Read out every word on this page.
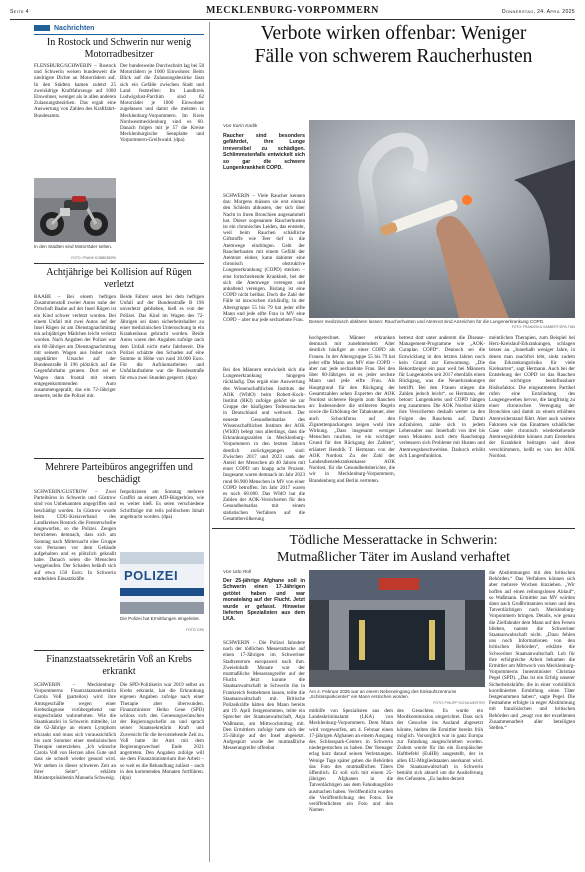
Seite 4	MECKLENBURG-VORPOMMERN	Donnerstag, 24. April 2025
Nachrichten
In Rostock und Schwerin nur wenig Motorradbesitzer
FLENSBURG/SCHWERIN – Rostock und Schwerin weisen bundesweit die niedrigste Dichte an Motorrädern auf. In den Städten kamen zuletzt 25 zweirädrige Kraftfahrzeuge auf 1000 Einwohner, weniger als in allen anderen Zulassungsbezirken. Das ergab eine Auswertung von Zahlen des Kraftfahrt-Bundesamts.
Der bundesweite Durchschnitt lag bei 58 Motorrädern je 1000 Einwohner. Beim Blick auf die Zulassungsbezirke lässt sich ein Gefälle zwischen Stadt und Land feststellen: Im Landkreis Ludwigslust-Parchim sind 62 Motorräder je 1000 Einwohner zugelassen und damit die meisten in Mecklenburg-Vorpommern. Im Kreis Nordwestmecklenburg sind es 60. Danach folgen mit je 57 die Kreise Mecklenburgische Seenplatte und Vorpommern-Greifswald. (dpa)
In den Städten sind Motorräder selten.
FOTO: FRANK KOBBEBERN
Achtjährige bei Kollision auf Rügen verletzt
BAABE – Bei einem heftigen Zusammenstoß zweier Autos nahe der Ortschaft Baabe auf der Insel Rügen ist ein Kind schwer verletzt worden. Bei einem Unfall mit zwei Autos auf der Insel Rügen ist am Dienstagnachmittag ein achtjähriges Mädchen leicht verletzt worden. Nach Angaben der Polizei war ein 80-Jähriger am Dienstagnachmittag mit seinem Wagen aus bisher noch ungeklärter Ursache auf der Bundesstraße B 196 plötzlich auf die Gegenfahrbahn geraten. Dort sei er Wagen dann frontal mit einem entgegenkommenden Auto zusammengeprallt, das ein 72-Jähriger steuerte, teilte die Polizei mit.
Beide Fahrer seien bei dem heftigen Unfall auf der Bundesstraße B 196 unverletzt geblieben, hieß es von der Polizei. Das Kind im Wagen des 72-Jährigen sei dann sicherheitshalber zu einer medizinischen Untersuchung in ein Krankenhaus gebracht worden. Beide Autos waren den Angaben zufolge nach dem Unfall nicht mehr fahrbereit. Die Polizei schätzte den Schaden auf eine Summe in Höhe von rund 30.000 Euro. Für die Aufräumarbeiten und Unfallaufnahme war die Bundesstraße für etwa zwei Stunden gesperrt. (dpa)
Mehrere Parteibüros angegriffen und beschädigt
SCHWERIN/GÜSTROW – Zwei Parteibüros in Schwerin und Güstrow sind von Unbekannten angegriffen und beschädigt worden. In Güstrow wurde beim CDU-Kreisverband des Landkreises Rostock die Fensterscheibe eingeworfen, so die Polizei. Zeugen berichteten demnach, dass sich am Sonntag nach Mitternacht eine Gruppe von Personen vor dem Gebäude aufgehalten und es plötzlich geknallt habe. Danach seien die Menschen weggelaufen. Der Schaden beläuft sich auf etwa 150 Euro. In Schwerin entdeckten Einsatzkräfte
fenpolizisten am Sonntag mehrere Graffiti an einem AfD-Bürgerbüro, wie es weiter hieß. Es seien verschiedene Schriftzüge mit teils politischem Inhalt angebracht worden. (dpa)
POLIZEI
Die Polizei hat Ermittlungen eingeleitet.
FOTO: DPA
Finanzstaatssekretärin Voß an Krebs erkrankt
SCHWERIN – Mecklenburg-Vorpommerns Finanzstaatssekretärin Carola Voß (parteilos) wird ihre Amtsgeschäfte wegen einer Krebsdiagnose vorübergehend nur eingeschränkt wahrnehmen. Wie die Staatskanzlei in Schwerin mitteilte, ist die 62-Jährige an einem Lymphom erkrankt und muss sich voraussichtlich bis zum Sommer einer medizinischen Therapie unterziehen. „Ich wünsche Carola Voß von Herzen alles Gute und dass sie schnell wieder gesund wird. Wir stehen in dieser schweren Zeit an ihrer Seite“, erklärte Ministerpräsidentin Manuela Schwesig.
Die SPD-Politikerin war 2019 selbst an Krebs erkrankt, hat die Erkrankung eigenen Angaben zufolge nach einer Therapie aber überwunden. Finanzminister Heiko Geue (SPD) schloss sich den Genesungswünschen der Regierungschefin an und sprach seiner Staatssekretärin Kraft und Zuversicht für die bevorstehende Zeit zu. Voß hatte ihr Amt mit dem Regierungswechsel Ende 2021 angetreten. Den Angaben zufolge will sie dem Finanzministerium ihre Arbeit – so weit es die Behandlung zulässt – auch in den kommenden Monaten fortführen. (dpa)
Verbote wirken offenbar: Weniger
Fälle von schwerem Raucherhusten
Von Karin Kadik
Raucher sind besonders gefährdet, ihre Lunge irreversibel zu schädigen. Schlimmstenfalls entwickelt sich so gar die schwere Lungenkrankheit COPD.
SCHWERIN – Viele Raucher kennen das: Morgens müssen sie erst einmal den Schleim abhusten, der sich über Nacht in ihren Bronchien angesammelt hat. Dieser sogenannte Raucherhusten ist ein chronisches Leiden, das entsteht, weil beim Rauchen schädliche Giftstoffe wie Teer tief in die Atemwege eindringen. Geht der Raucherhusten mit einem Gefühl der Atemnot einher, kann dahinter eine chronisch obstruktive Lungenerkrankung (COPD) stecken – eine fortschreitende Krankheit, bei der sich die Atemwege verengen und anhaltend verengen. Bislang ist eine COPD nicht heilbar. Doch die Zahl der Fälle ist inzwischen rückläufig. In der Altersgruppe 55 bis 79 hat jeder elfte Mann und jede elfte Frau in MV eine COPD – aber nur jede sechzehnte Frau. Besser medizinisch abklären lassen: Raucherhusten und Atemnot sind Anzeichen für die Lungenerkrankung COPD.
FOTO: FRANZISKA GABBERT/DPA-TMN
Bei den Männern entwickelt sich die Lungenerkrankung hingegen rückläufig. Das ergab eine Auswertung des Wissenschaftlichen Instituts der AOK (WIdO) beim Robert-Koch-Institut (RKI) zufolge gehört sie zur Gruppe der häufigsten Todesursachen in Deutschland und weltweit. Der neueste Gesundheitsatlas des Wissenschaftlichen Instituts der AOK (WIdO) belegt nun allerdings, dass die Erkrankungszahlen in Mecklenburg-Vorpommern in den letzten Jahren deutlich zurückgegangen sind: Zwischen 2017 und 2023 sank der Anteil der Menschen ab 40 Jahren mit einer COPD um knapp acht Prozent. Insgesamt waren demnach im Jahr 2023 rund 66.900 Menschen in MV von einer COPD betroffen. Im Jahr 2017 waren es noch 68.000. Das WIdO hat die Zahlen der AOK-Versicherten für den Gesundheitsatlas mit einem statistischen Verfahren auf die Gesamtbevölkerung
hochgerechnet. Männer erkranken demnach mit zunehmendem Alter deutlich häufiger an einer COPD als Frauen. In der Altersgruppe 55 bis 79 hat jeder elfte Mann aus MV eine COPD – aber nur jede sechzehnte Frau. Bei den über 80-Jährigen ist es jeder sechste Mann und jede elfte Frau. Als Hauptgrund für den Rückgang der Gesamtzahlen sehen Experten der AOK Nordost sicherere Regeln zum Rauchen an: Insbesondere die strikteren Regeln sowie die Erhöhung der Tabaksteuer, aber auch Schockfotos auf den Zigarettenpackungen zeigen wohl ihre Wirkung. „Dass insgesamt weniger Menschen rauchen, ist ein wichtiger Grund für den Rückgang der Zahlen“, erläutert Hendrik T. Hermann von der AOK Nordost. Zu der Zahl der Landesdienstekrankenkasse AOK Nordost, für die Gesundheitsberichte, die wir in Mecklenburg-Vorpommern, Brandenburg und Berlin vertreten.
Tödliche Messerattacke in Schwerin:
Mutmaßlicher Täter im Ausland verhaftet
Von Udo Roll
Der 25-jährige Afghane soll in Schwerin einen 17-Jährigen getötet haben und war monatelang auf der Flucht. Jetzt wurde er gefasst. Hinweise lieferten Spezialisten aus dem LKA.
SCHWERIN – Die Polizei fahndete nach der tödlichen Messerattacke auf einen 17-Jährigen im Schweriner Stadtzentrum europaweit nach ihm. Zweieinhalb Monate war der mutmaßliche Messerangreifer auf der Flucht. Jetzt konnte die Staatsanwaltschaft in Schwerin ihn in Frankreich festnehmen lassen, teilte die Staatsanwaltschaft mit. Britische Polizeikräfte hätten den Mann bereits am 19. April festgenommen, teilte ein Sprecher der Staatsanwaltschaft, Anja Waßmann, am Mittwochmittag mit. Den Ermittlern zufolge hatte sich der 25-Jährige auf der Insel abgesetzt. Aufgespürt wurde der mutmaßliche Messerangreifer offenbar
Am 4. Februar 2025 war an einem Nebeneingang des Einkaufszentrums „Schlossparkcenter“ ein Mann erstochen worden.
FOTO: PHILIPP SCHULMEISTER
mithilfe von Spezialisten aus dem Landeskriminalamt (LKA) von Mecklenburg-Vorpommern. Dem Mann wird vorgeworfen, am 4. Februar einen 17-jährigen Afghanen an einem Ausgang des Schlosspark-Centers in Schwerin niedergestochen zu haben. Der Teenager erlag kurz darauf seinen Verletzungen. Wenige Tage später gaben die Behörden das Foto des mutmaßlichen Täters öffentlich. Er soll sich mit einem 25-jährigen Afghanen in die Tatverdächtigen aus dem Fahndungsfoto ausmachen haben. Veröffentlicht wurden die Veröffentlichung des Fotos. Sie veröffentlichten ein Foto und den Namen
des Gesuchten. Es wurde ein Mordkommission eingerichtet. Dass sich der Gesuchte ins Ausland abgesetzt könnte, hielten die Ermittler bereits früh möglich. Vorsorglich war in ganz Europa zur Fahndung ausgeschrieben worden. Zudem wurde für ihn ein Europäischer Haftbefehl (EuHB) ausgestellt, der in allen EU-Mitgliedstaaten anerkannt wird. Die Staatsanwaltschaft in Schwerin bemüht sich aktuell um die Auslieferung des Gefassten. „Es laufen derzeit
die Abstimmungen mit den britischen Behörden.“ Das Verfahren können sich aber mehrere Wochen hinziehen. „Wir hoffen auf einen reibungslosen Ablauf“, so Waßmann. Ermittler aus MV würden dann nach Großbritannien reisen und den Tatverdächtigen nach Mecklenburg-Vorpommern bringen. Details, wie genau die Zielfahnder dem Mann auf den Fersen blieben, nannte die Schweriner Staatsanwaltschaft nicht. „Dazu fehlen uns noch Informationen von den britischen Behörden“, erklärte die Schweriner Staatsanwaltschaft. Lob für ihre erfolgreiche Arbeit bekamen die Ermittler am Mittwoch von Mecklenburg-Vorpommerns Innenminister Christian Pegel (SPD). „Das ist ein Erfolg unserer Sicherheitskräfte, die in einer vorbildlich koordinierten Ermittlung einen Täter festgenommen haben“, sagte Pegel. Die Festnahme erfolgte in enger Abstimmung mit französischen und britischen Behörden und „zeugt von der exzellenten Zusammenarbeit aller beteiligten Stellen.“
betreut dort unter anderem die Disease-Management-Programme wie „AOK-Curaplan COPD“. Dennoch sei die Entwicklung in den letzten Jahren noch kein Grund zur Entwarnung. „Die Rekordzeiger ein paar weil bei Männern für Lungenkrebs seit 2017 ebenfalls einen Rückgang, was die Neuerkrankungen betrifft. Bei den Frauen stiegen die Zahlen jedoch leicht“, so Hermann, der betont: Lungenkrebs und COPD hängen eng zusammen. Die AOK Nordost klärte ihre Versicherten deshalb weiter zu den Folgen des Rauchens auf. Damit aufzuhören, zahle sich in jedem Lebensalter aus: Innerhalb von drei bis neun Monaten nach dem Rauchstopp verbessern sich Probleme mit Husten und Atemwegsbeschwerden. Dadurch erhöht sich Lungenfunktion.
meintlichen Therapien, zum Beispiel bei Herz-Kreislauf-Erkrankungen, schlagen besser an. „Innerhalb weniger Jahre, in denen man rauchfrei lebt, sinkt zudem das Erkrankungsrisiko für viele Krebsarten“, sagt Hermann. Auch bei der Entstehung der COPD ist das Rauchen der wichtigste beeinflussbare Risikofaktor. Die eingeatmeten Partikel rufen eine Entzündung des Lungengewebes hervor, die langfristig zu einer chronischen Verengung der Bronchien und damit zu einem erhöhten Atemwiderstand führt. Aber auch weitere Faktoren wie das Einatmen schädlicher Gase oder chronisch wiederkehrende Atemwegsinfekte können zum Entstehen der Krankheit beitragen und diese verschlimmern, heißt es von der AOK Nordost.
